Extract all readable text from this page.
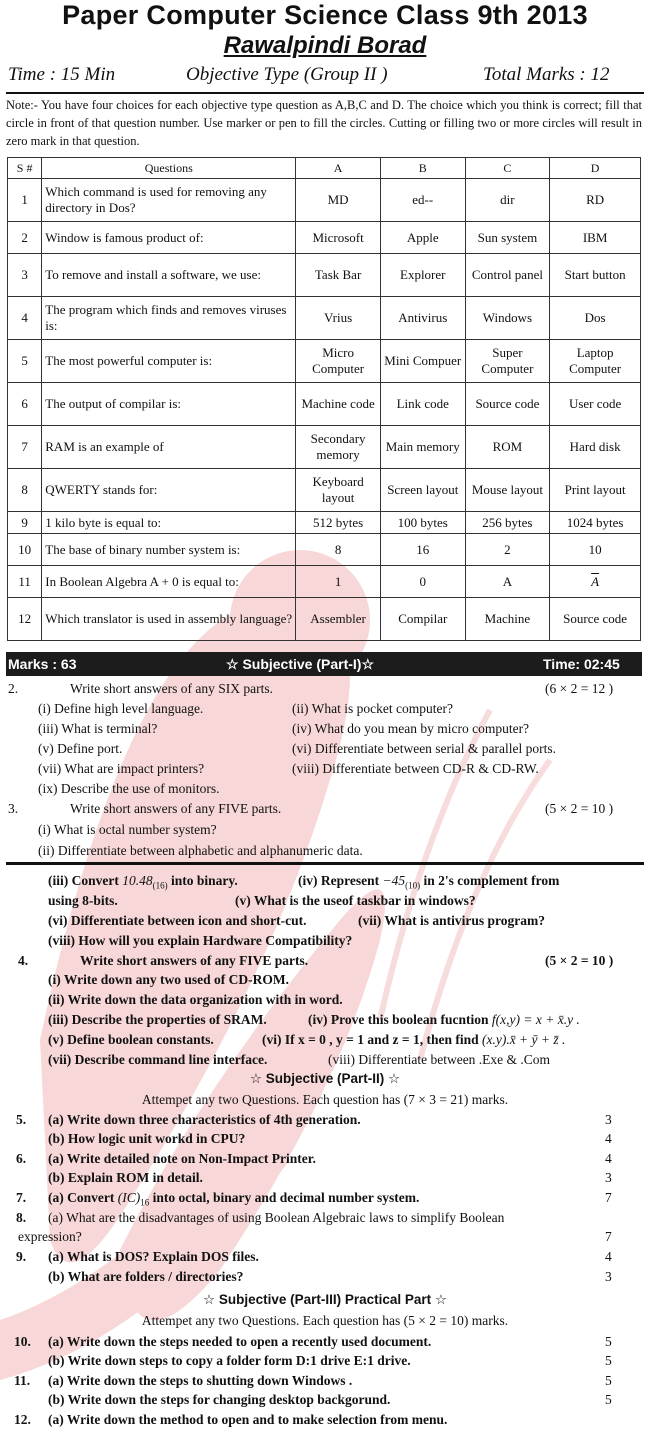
Paper Computer Science Class 9th 2013
Rawalpindi Borad
Time : 15 Min	Objective Type (Group II )	Total Marks : 12
Note:- You have four choices for each objective type question as A,B,C and D. The choice which you think is correct; fill that circle in front of that question number. Use marker or pen to fill the circles. Cutting or filling two or more circles will result in zero mark in that question.
S #	Questions	A	B	C	D
1	Which command is used for removing any directory in Dos?	MD	ed--	dir	RD
2	Window is famous product of:	Microsoft	Apple	Sun system	IBM
3	To remove and install a software, we use:	Task Bar	Explorer	Control panel	Start button
4	The program which finds and removes viruses is:	Vrius	Antivirus	Windows	Dos
5	The most powerful computer is:	Micro Computer	Mini Compuer	Super Computer	Laptop Computer
6	The output of compilar is:	Machine code	Link code	Source code	User code
7	RAM is an example of	Secondary memory	Main memory	ROM	Hard disk
8	QWERTY stands for:	Keyboard layout	Screen layout	Mouse layout	Print layout
9	1 kilo byte is equal to:	512 bytes	100 bytes	256 bytes	1024 bytes
10	The base of binary number system is:	8	16	2	10
11	In Boolean Algebra A + 0 is equal to:	1	0	A	$\overline{A}$
12	Which translator is used in assembly language?	Assembler	Compilar	Machine	Source code
Marks : 63	☆ Subjective (Part-I)☆	Time: 02:45
2.	Write short answers of any SIX parts.	(6 × 2 = 12 )
(i) Define high level language.	(ii) What is pocket computer?
(iii) What is terminal?	(iv) What do you mean by micro computer?
(v) Define port.	(vi) Differentiate between serial & parallel ports.
(vii) What are impact printers?	(viii) Differentiate between CD-R & CD-RW.
(ix) Describe the use of monitors.
3.	Write short answers of any FIVE parts.	(5 × 2 = 10 )
(i) What is octal number system?
(ii) Differentiate between alphabetic and alphanumeric data.
(iii) Convert $10.48_{(16)}$ into binary.	(iv) Represent $-45_{(10)}$ in 2's complement from
using 8-bits.	(v) What is the useof taskbar in windows?
(vi) Differentiate between icon and short-cut.	(vii) What is antivirus program?
(viii) How will you explain Hardware Compatibility?
4.	Write short answers of any FIVE parts.	(5 × 2 = 10 )
(i) Write down any two used of CD-ROM.
(ii) Write down the data organization with in word.
(iii) Describe the properties of SRAM.	(iv) Prove this boolean fucntion f(x,y) = x + x̄.y .
(v) Define boolean constants.	(vi) If x = 0 , y = 1 and z = 1, then find (x.y).x̄ + ȳ + z̄ .
(vii) Describe command line interface.	(viii) Differentiate between .Exe & .Com
☆ Subjective (Part-II) ☆
Attempet any two Questions. Each question has (7 × 3 = 21) marks.
5. (a) Write down three characteristics of 4th generation.	3
(b) How logic unit workd in CPU?	4
6. (a) Write detailed note on Non-Impact Printer.	4
(b) Explain ROM in detail.	3
7. (a) Convert $(IC)_{16}$ into octal, binary and decimal number system.	7
8. (a) What are the disadvantages of using Boolean Algebraic laws to simplify Boolean
expression?	7
9. (a) What is DOS? Explain DOS files.	4
(b) What are folders / directories?	3
☆ Subjective (Part-III) Practical Part ☆
Attempet any two Questions. Each question has (5 × 2 = 10) marks.
10. (a) Write down the steps needed to open a recently used document.	5
(b) Write down steps to copy a folder form D:1 drive E:1 drive.	5
11. (a) Write down the steps to shutting down Windows .	5
(b) Write down the steps for changing desktop backgorund.	5
12. (a) Write down the method to open and to make selection from menu.
